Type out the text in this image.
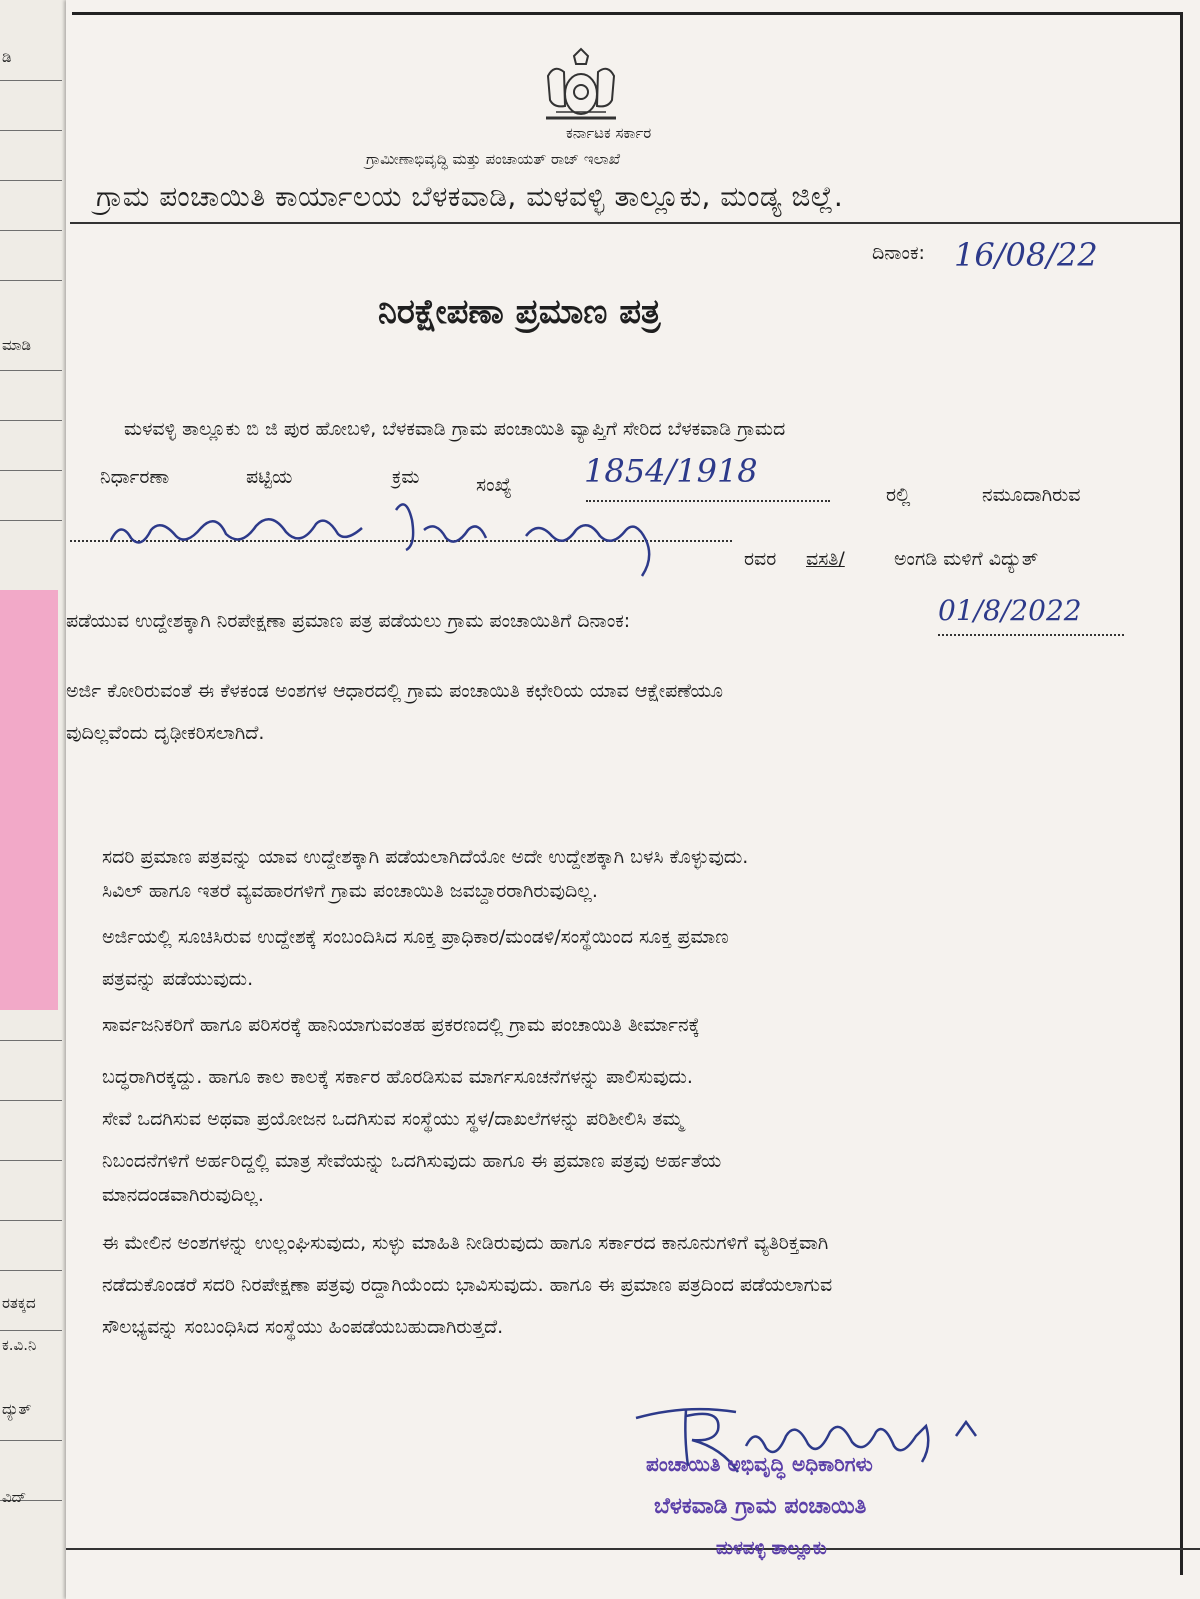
ಡಿ
ಮಾಡಿ
ರತಕ್ಕದ
ಕ.ವಿ.ನಿ
ದ್ಯುತ್
ವಿದ್
ಕರ್ನಾಟಕ ಸರ್ಕಾರ
ಗ್ರಾಮೀಣಾಭಿವೃದ್ಧಿ ಮತ್ತು ಪಂಚಾಯತ್ ರಾಜ್ ಇಲಾಖೆ
ಗ್ರಾಮ ಪಂಚಾಯಿತಿ ಕಾರ್ಯಾಲಯ ಬೆಳಕವಾಡಿ, ಮಳವಳ್ಳಿ ತಾಲ್ಲೂಕು, ಮಂಡ್ಯ ಜಿಲ್ಲೆ.
ದಿನಾಂಕ: 16/08/22
ನಿರಕ್ಷೇಪಣಾ ಪ್ರಮಾಣ ಪತ್ರ
ಮಳವಳ್ಳಿ ತಾಲ್ಲೂಕು ಬಿ ಜಿ ಪುರ ಹೋಬಳಿ, ಬೆಳಕವಾಡಿ ಗ್ರಾಮ ಪಂಚಾಯಿತಿ ವ್ಯಾಪ್ತಿಗೆ ಸೇರಿದ ಬೆಳಕವಾಡಿ ಗ್ರಾಮದ
ನಿರ್ಧಾರಣಾ	ಪಟ್ಟಿಯ	ಕ್ರಮ	ಸಂಖ್ಯೆ 1854/1918
ರಲ್ಲಿ	ನಮೂದಾಗಿರುವ
ರವರ ವಸತಿ/	ಅಂಗಡಿ ಮಳಿಗೆ ವಿದ್ಯುತ್
ಪಡೆಯುವ ಉದ್ದೇಶಕ್ಕಾಗಿ ನಿರಪೇಕ್ಷಣಾ ಪ್ರಮಾಣ ಪತ್ರ ಪಡೆಯಲು ಗ್ರಾಮ ಪಂಚಾಯಿತಿಗೆ ದಿನಾಂಕ:	01/8/2022
ಅರ್ಜಿ ಕೋರಿರುವಂತೆ ಈ ಕೆಳಕಂಡ ಅಂಶಗಳ ಆಧಾರದಲ್ಲಿ ಗ್ರಾಮ ಪಂಚಾಯಿತಿ ಕಛೇರಿಯ ಯಾವ ಆಕ್ಷೇಪಣೆಯೂ
ವುದಿಲ್ಲವೆಂದು ದೃಢೀಕರಿಸಲಾಗಿದೆ.
ಸದರಿ ಪ್ರಮಾಣ ಪತ್ರವನ್ನು ಯಾವ ಉದ್ದೇಶಕ್ಕಾಗಿ ಪಡೆಯಲಾಗಿದೆಯೋ ಅದೇ ಉದ್ದೇಶಕ್ಕಾಗಿ ಬಳಸಿ ಕೊಳ್ಳುವುದು.
ಸಿವಿಲ್ ಹಾಗೂ ಇತರೆ ವ್ಯವಹಾರಗಳಿಗೆ ಗ್ರಾಮ ಪಂಚಾಯಿತಿ ಜವಬ್ದಾರರಾಗಿರುವುದಿಲ್ಲ.
ಅರ್ಜಿಯಲ್ಲಿ ಸೂಚಿಸಿರುವ ಉದ್ದೇಶಕ್ಕೆ ಸಂಬಂದಿಸಿದ ಸೂಕ್ತ ಪ್ರಾಧಿಕಾರ/ಮಂಡಳಿ/ಸಂಸ್ಥೆಯಿಂದ ಸೂಕ್ತ ಪ್ರಮಾಣ
ಪತ್ರವನ್ನು ಪಡೆಯುವುದು.
ಸಾರ್ವಜನಿಕರಿಗೆ ಹಾಗೂ ಪರಿಸರಕ್ಕೆ ಹಾನಿಯಾಗುವಂತಹ ಪ್ರಕರಣದಲ್ಲಿ ಗ್ರಾಮ ಪಂಚಾಯಿತಿ ತೀರ್ಮಾನಕ್ಕೆ
ಬದ್ಧರಾಗಿರಕ್ಕದ್ದು. ಹಾಗೂ ಕಾಲ ಕಾಲಕ್ಕೆ ಸರ್ಕಾರ ಹೊರಡಿಸುವ ಮಾರ್ಗಸೂಚನೆಗಳನ್ನು ಪಾಲಿಸುವುದು.
ಸೇವೆ ಒದಗಿಸುವ ಅಥವಾ ಪ್ರಯೋಜನ ಒದಗಿಸುವ ಸಂಸ್ಥೆಯು ಸ್ಥಳ/ದಾಖಲೆಗಳನ್ನು ಪರಿಶೀಲಿಸಿ ತಮ್ಮ
ನಿಬಂದನೆಗಳಿಗೆ ಅರ್ಹರಿದ್ದಲ್ಲಿ ಮಾತ್ರ ಸೇವೆಯನ್ನು ಒದಗಿಸುವುದು ಹಾಗೂ ಈ ಪ್ರಮಾಣ ಪತ್ರವು ಅರ್ಹತೆಯ
ಮಾನದಂಡವಾಗಿರುವುದಿಲ್ಲ.
ಈ ಮೇಲಿನ ಅಂಶಗಳನ್ನು ಉಲ್ಲಂಘಿಸುವುದು, ಸುಳ್ಳು ಮಾಹಿತಿ ನೀಡಿರುವುದು ಹಾಗೂ ಸರ್ಕಾರದ ಕಾನೂನುಗಳಿಗೆ ವ್ಯತಿರಿಕ್ತವಾಗಿ
ನಡೆದುಕೊಂಡರೆ ಸದರಿ ನಿರಪೇಕ್ಷಣಾ ಪತ್ರವು ರದ್ದಾಗಿಯೆಂದು ಭಾವಿಸುವುದು. ಹಾಗೂ ಈ ಪ್ರಮಾಣ ಪತ್ರದಿಂದ ಪಡೆಯಲಾಗುವ
ಸೌಲಭ್ಯವನ್ನು ಸಂಬಂಧಿಸಿದ ಸಂಸ್ಥೆಯು ಹಿಂಪಡೆಯಬಹುದಾಗಿರುತ್ತದೆ.
ಪಂಚಾಯಿತಿ ಅಭಿವೃದ್ಧಿ ಅಧಿಕಾರಿಗಳು
ಬೆಳಕವಾಡಿ ಗ್ರಾಮ ಪಂಚಾಯಿತಿ
ಮಳವಳ್ಳಿ ತಾಲ್ಲೂಕು
